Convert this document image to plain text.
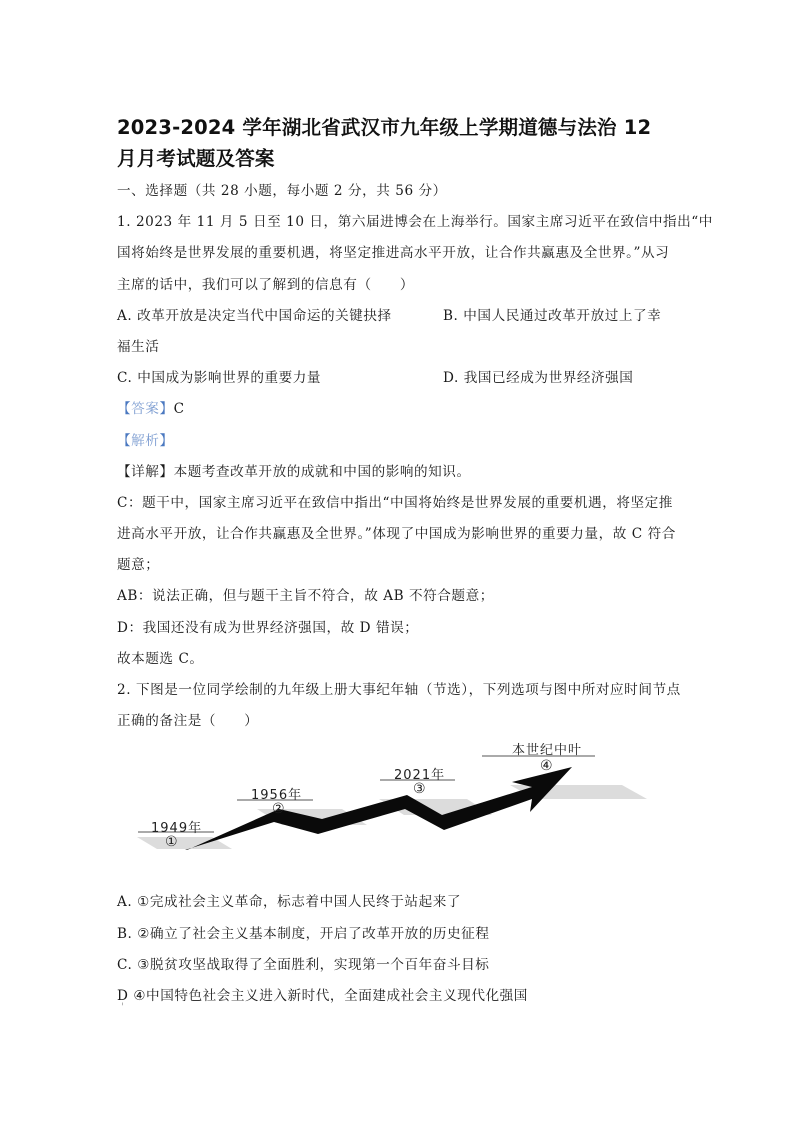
2023-2024 学年湖北省武汉市九年级上学期道德与法治 12
月月考试题及答案
一、选择题（共 28 小题，每小题 2 分，共 56 分）
1. 2023 年 11 月 5 日至 10 日，第六届进博会在上海举行。国家主席习近平在致信中指出“中
国将始终是世界发展的重要机遇，将坚定推进高水平开放，让合作共赢惠及全世界。”从习
主席的话中，我们可以了解到的信息有（　　）
A. 改革开放是决定当代中国命运的关键抉择	B. 中国人民通过改革开放过上了幸
福生活
C. 中国成为影响世界的重要力量	D. 我国已经成为世界经济强国
【答案】C
【解析】
【详解】本题考查改革开放的成就和中国的影响的知识。
C：题干中，国家主席习近平在致信中指出“中国将始终是世界发展的重要机遇，将坚定推
进高水平开放，让合作共赢惠及全世界。”体现了中国成为影响世界的重要力量，故 C 符合
题意；
AB：说法正确，但与题干主旨不符合，故 AB 不符合题意；
D：我国还没有成为世界经济强国，故 D 错误；
故本题选 C。
2. 下图是一位同学绘制的九年级上册大事纪年轴（节选），下列选项与图中所对应时间节点
正确的备注是（　　）
1949年
①
1956年
②
2021年
③
本世纪中叶
④
A. ①完成社会主义革命，标志着中国人民终于站起来了
B. ②确立了社会主义基本制度，开启了改革开放的历史征程
C. ③脱贫攻坚战取得了全面胜利，实现第一个百年奋斗目标
D ④中国特色社会主义进入新时代，全面建成社会主义现代化强国
'
